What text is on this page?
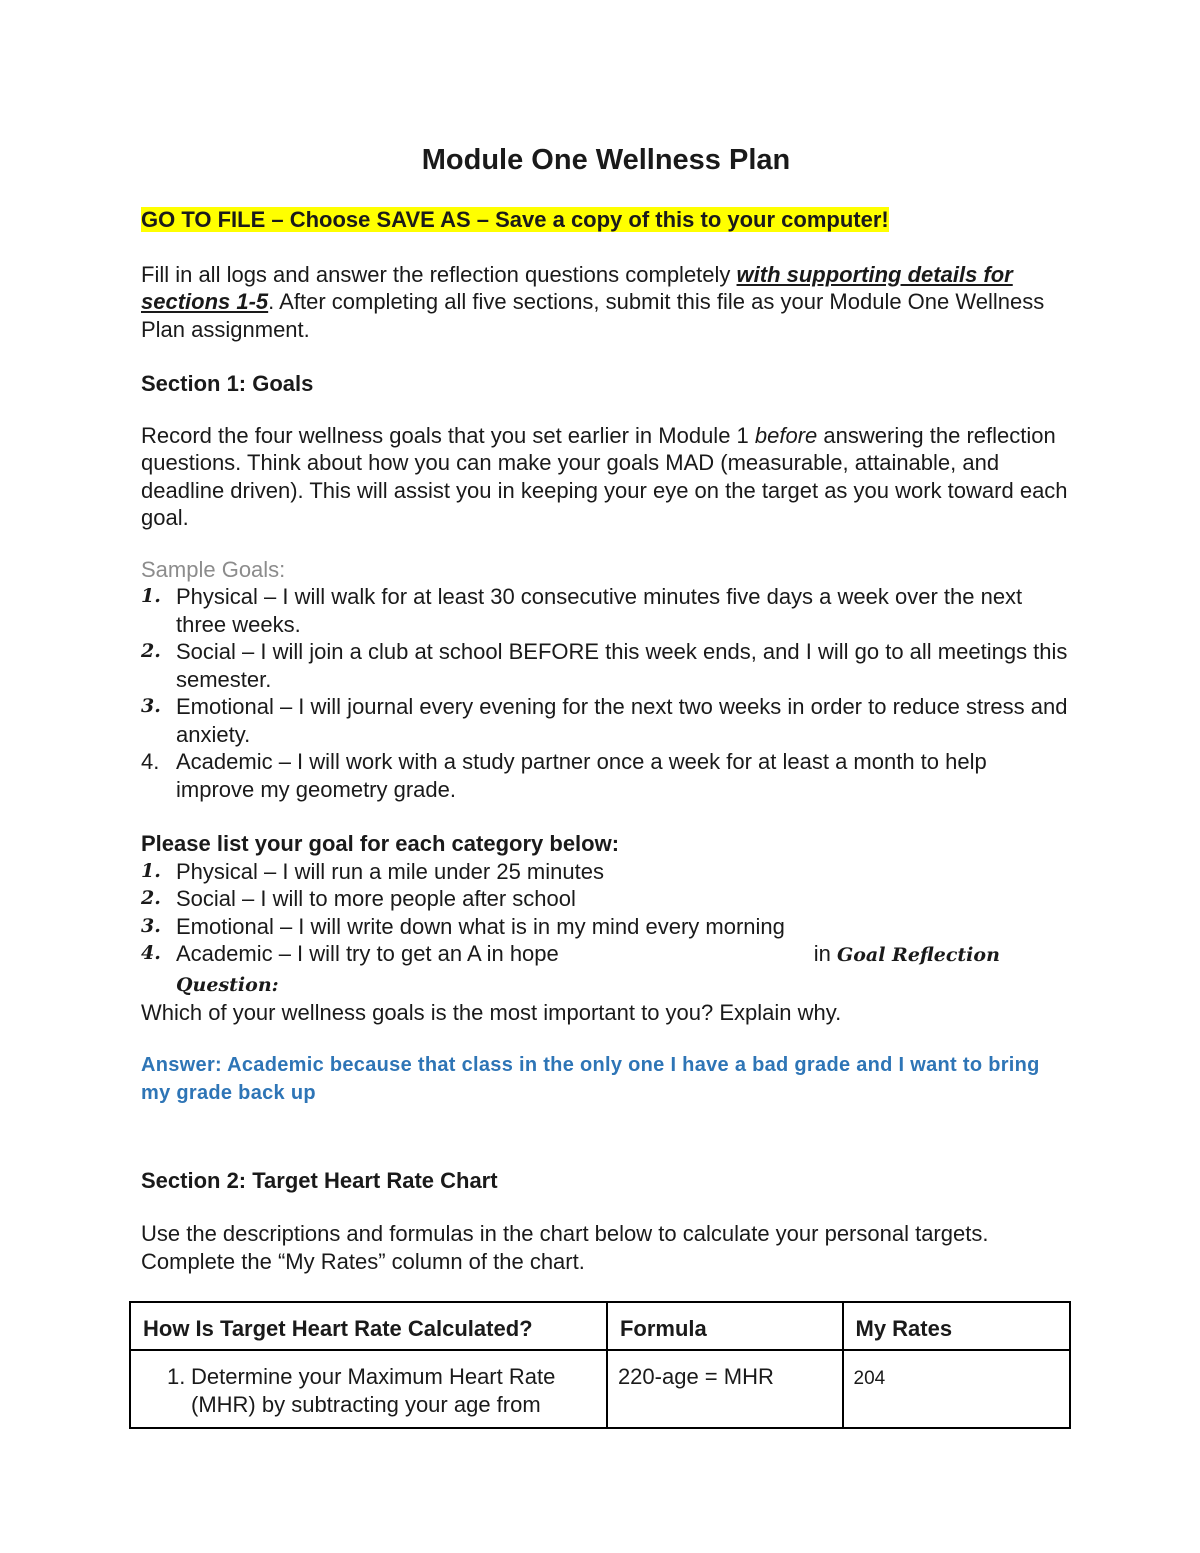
Module One Wellness Plan

GO TO FILE – Choose SAVE AS – Save a copy of this to your computer!

Fill in all logs and answer the reflection questions completely with supporting details for sections 1-5. After completing all five sections, submit this file as your Module One Wellness Plan assignment.

Section 1: Goals

Record the four wellness goals that you set earlier in Module 1 before answering the reflection questions. Think about how you can make your goals MAD (measurable, attainable, and deadline driven). This will assist you in keeping your eye on the target as you work toward each goal.

Sample Goals:

1. Physical – I will walk for at least 30 consecutive minutes five days a week over the next three weeks.
2. Social – I will join a club at school BEFORE this week ends, and I will go to all meetings this semester.
3. Emotional – I will journal every evening for the next two weeks in order to reduce stress and anxiety.
4. Academic – I will work with a study partner once a week for at least a month to help improve my geometry grade.
Please list your goal for each category below:
1. Physical – I will run a mile under 25 minutes
2. Social – I will to more people after school
3. Emotional – I will write down what is in my mind every morning
4. Academic – I will try to get an A in hope	in Goal Reflection Question:

Which of your wellness goals is the most important to you? Explain why.

Answer: Academic because that class in the only one I have a bad grade and I want to bring my grade back up

Section 2: Target Heart Rate Chart

Use the descriptions and formulas in the chart below to calculate your personal targets. Complete the “My Rates” column of the chart.

How Is Target Heart Rate Calculated?	Formula	My Rates

1. Determine your Maximum Heart Rate (MHR) by subtracting your age from	220-age = MHR	204
